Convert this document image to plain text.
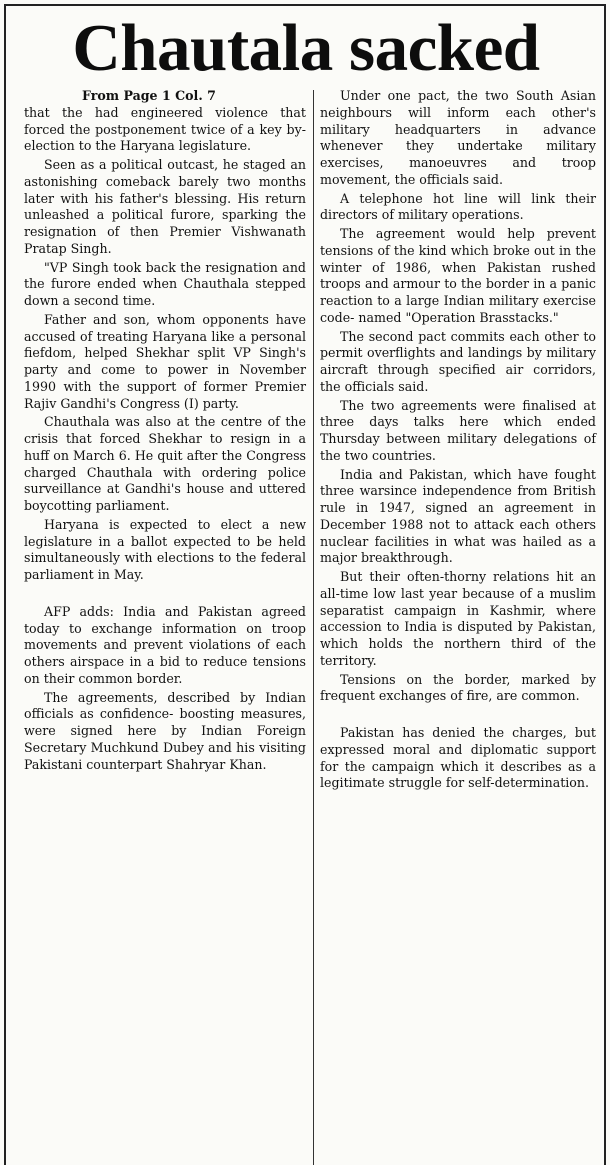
Chautala sacked

From Page 1 Col. 7

that the had engineered violence that forced the postponement twice of a key by-election to the Haryana legislature.

Seen as a political outcast, he staged an astonishing comeback barely two months later with his father's blessing. His return unleashed a political furore, sparking the resignation of then Premier Vishwanath Pratap Singh.

"VP Singh took back the resignation and the furore ended when Chauthala stepped down a second time.

Father and son, whom opponents have accused of treating Haryana like a personal fiefdom, helped Shekhar split VP Singh's party and come to power in November 1990 with the support of former Premier Rajiv Gandhi's Congress (I) party.

Chauthala was also at the centre of the crisis that forced Shekhar to resign in a huff on March 6. He quit after the Congress charged Chauthala with ordering police surveillance at Gandhi's house and uttered boycotting parliament.

Haryana is expected to elect a new legislature in a ballot expected to be held simultaneously with elections to the federal parliament in May.

AFP adds: India and Pakistan agreed today to exchange information on troop movements and prevent violations of each others airspace in a bid to reduce tensions on their common border.

The agreements, described by Indian officials as confidence- boosting measures, were signed here by Indian Foreign Secretary Muchkund Dubey and his visiting Pakistani counterpart Shahryar Khan.

Under one pact, the two South Asian neighbours will inform each other's military headquarters in advance whenever they undertake military exercises, manoeuvres and troop movement, the officials said.

A telephone hot line will link their directors of military operations.

The agreement would help prevent tensions of the kind which broke out in the winter of 1986, when Pakistan rushed troops and armour to the border in a panic reaction to a large Indian military exercise code- named "Operation Brasstacks."

The second pact commits each other to permit overflights and landings by military aircraft through specified air corridors, the officials said.

The two agreements were finalised at three days talks here which ended Thursday between military delegations of the two countries.

India and Pakistan, which have fought three warsince independence from British rule in 1947, signed an agreement in December 1988 not to attack each others nuclear facilities in what was hailed as a major breakthrough.

But their often-thorny relations hit an all-time low last year because of a muslim separatist campaign in Kashmir, where accession to India is disputed by Pakistan, which holds the northern third of the territory.

Tensions on the border, marked by frequent exchanges of fire, are common.

Pakistan has denied the charges, but expressed moral and diplomatic support for the campaign which it describes as a legitimate struggle for self-determination.
